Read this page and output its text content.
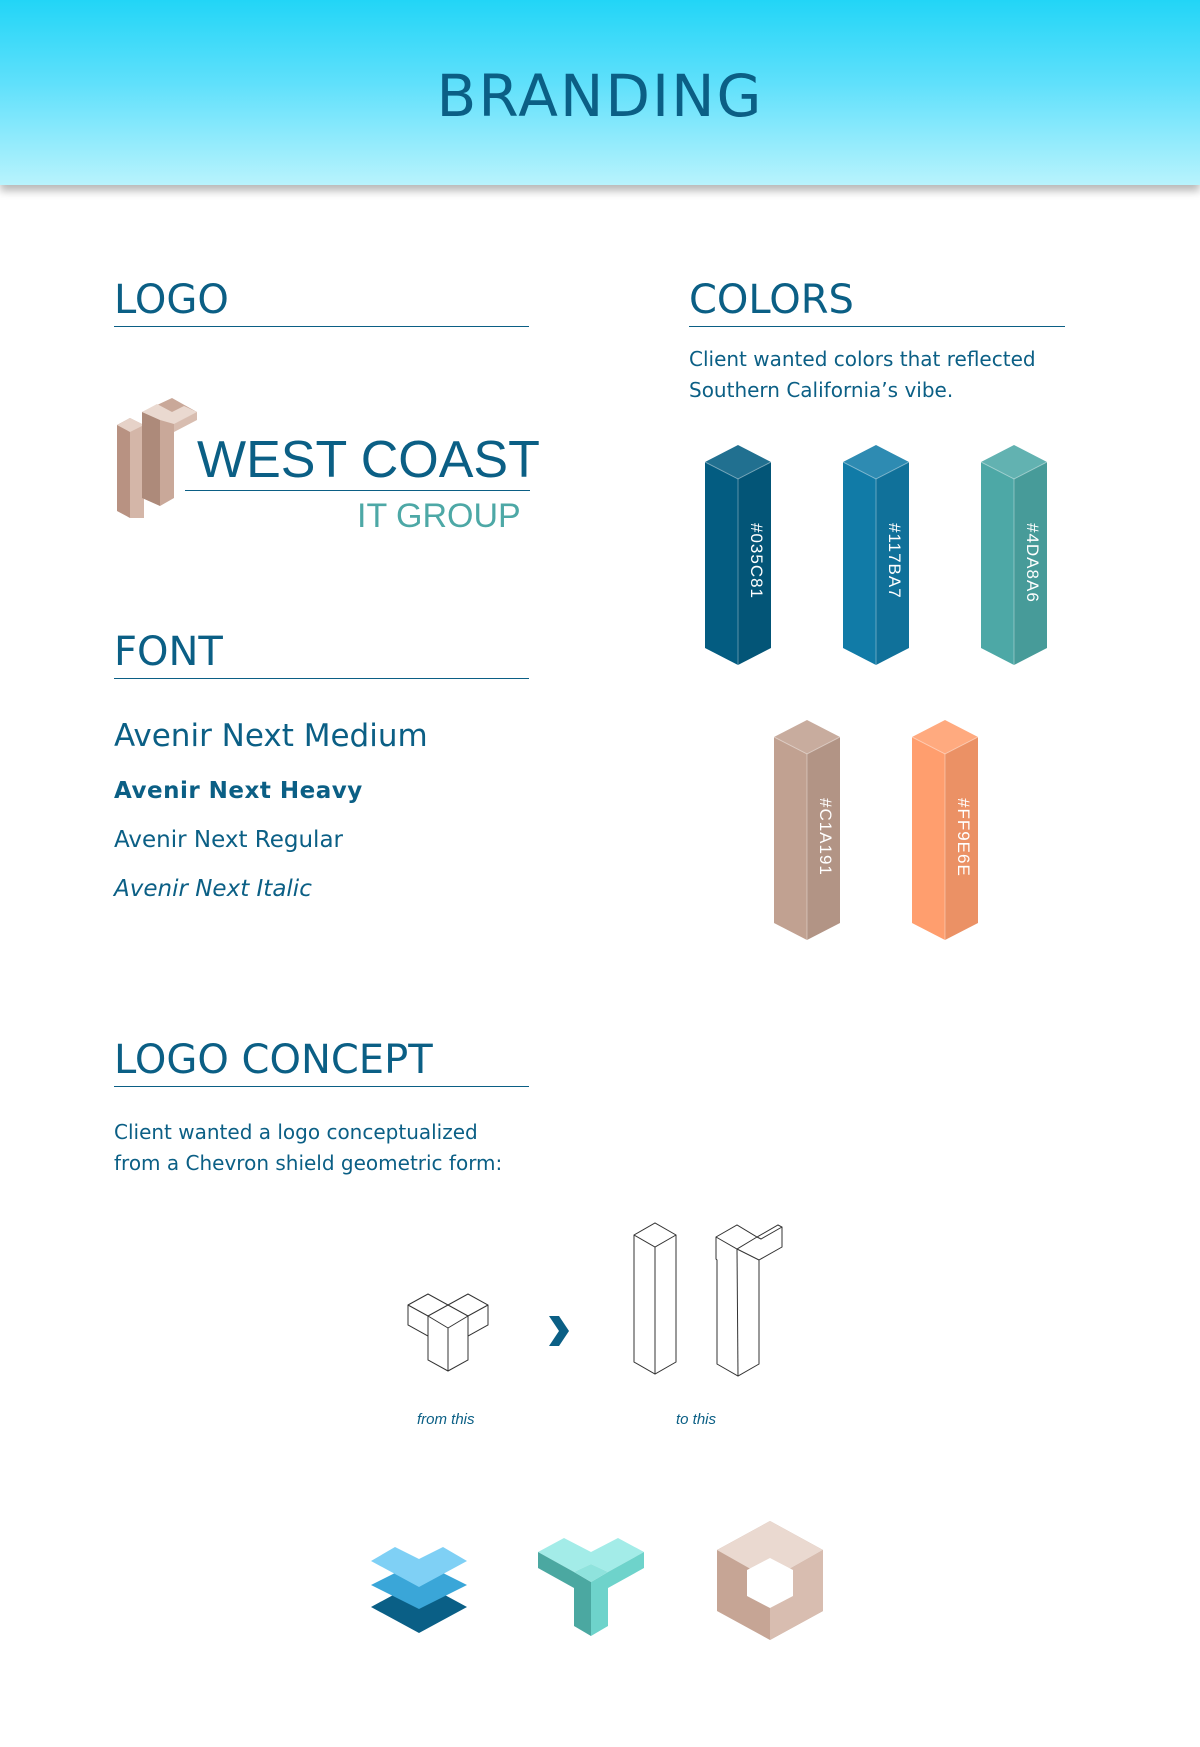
BRANDING
LOGO
WEST COAST
IT GROUP
COLORS
Client wanted colors that reflected
Southern California’s vibe.
#035C81	#117BA7	#4DA8A6
#C1A191	#FF9E6E
FONT
Avenir Next Medium
Avenir Next Heavy
Avenir Next Regular
Avenir Next Italic
LOGO CONCEPT
Client wanted a logo conceptualized
from a Chevron shield geometric form:
from this	to this
